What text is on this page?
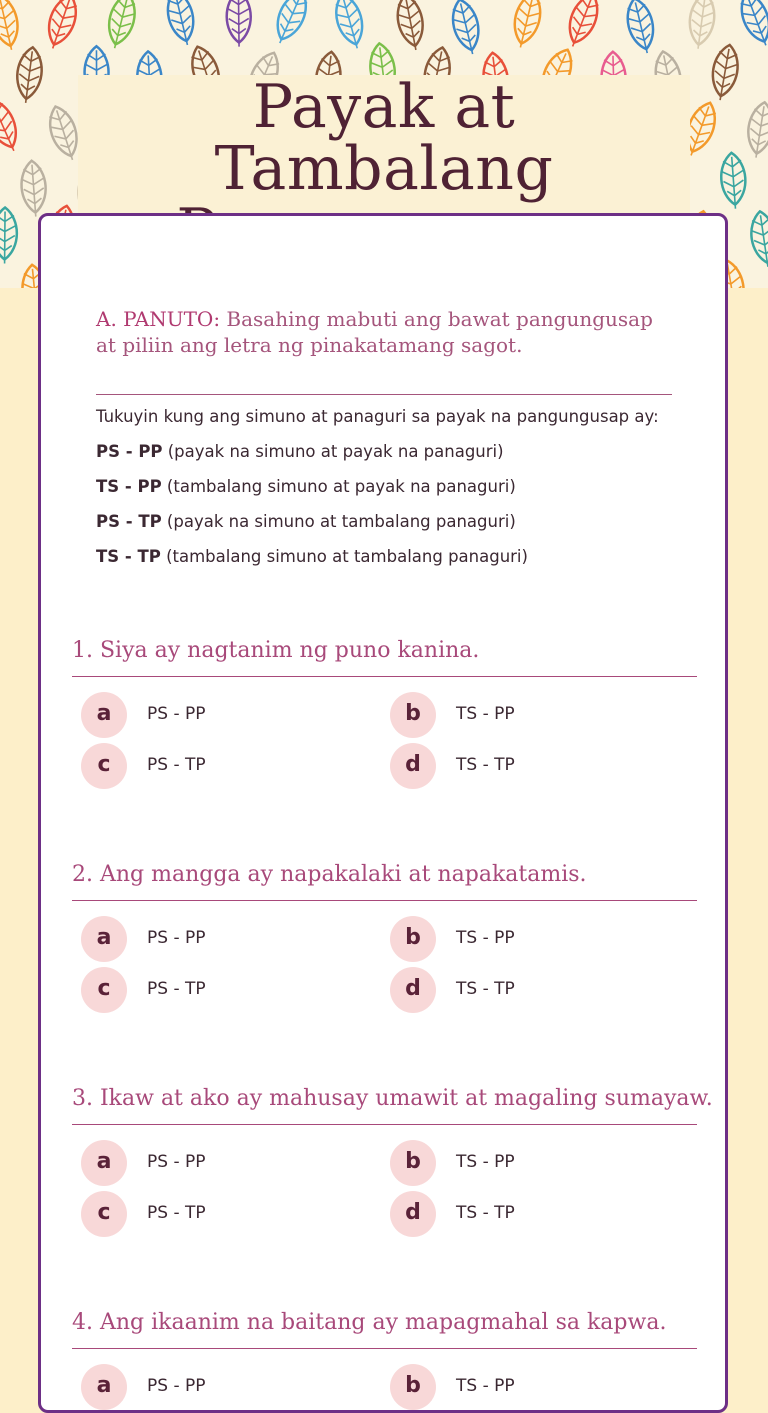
Payak at Tambalang
A. PANUTO: Basahing mabuti ang bawat pangungusap at piliin ang letra ng pinakatamang sagot.
Tukuyin kung ang simuno at panaguri sa payak na pangungusap ay:
PS - PP (payak na simuno at payak na panaguri)
TS - PP (tambalang simuno at payak na panaguri)
PS - TP (payak na simuno at tambalang panaguri)
TS - TP (tambalang simuno at tambalang panaguri)
1. Siya ay nagtanim ng puno kanina.
a	PS - PP	b	TS - PP
c	PS - TP	d	TS - TP
2. Ang mangga ay napakalaki at napakatamis.
a	PS - PP	b	TS - PP
c	PS - TP	d	TS - TP
3. Ikaw at ako ay mahusay umawit at magaling sumayaw.
a	PS - PP	b	TS - PP
c	PS - TP	d	TS - TP
4. Ang ikaanim na baitang ay mapagmahal sa kapwa.
a	PS - PP	b	TS - PP
